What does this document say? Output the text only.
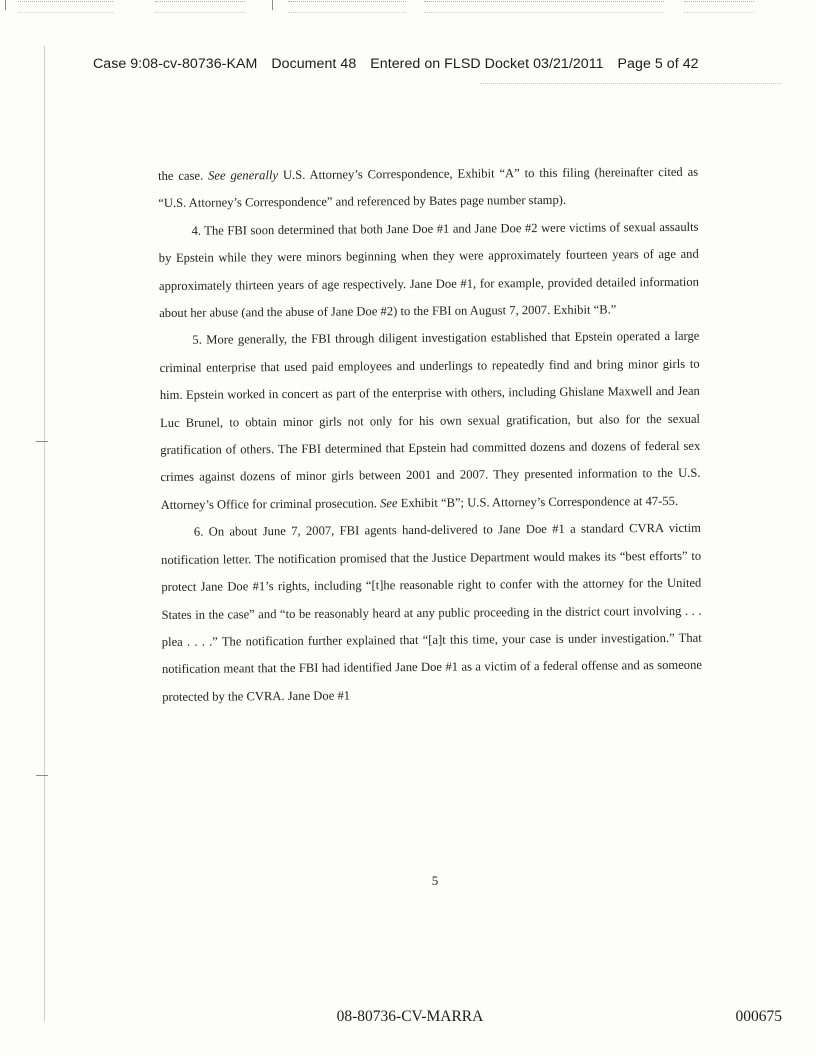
Case 9:08-cv-80736-KAM Document 48 Entered on FLSD Docket 03/21/2011 Page 5 of 42

the case. See generally U.S. Attorney’s Correspondence, Exhibit “A” to this filing (hereinafter cited as “U.S. Attorney’s Correspondence” and referenced by Bates page number stamp).

4. The FBI soon determined that both Jane Doe #1 and Jane Doe #2 were victims of sexual assaults by Epstein while they were minors beginning when they were approximately fourteen years of age and approximately thirteen years of age respectively. Jane Doe #1, for example, provided detailed information about her abuse (and the abuse of Jane Doe #2) to the FBI on August 7, 2007. Exhibit “B.”

5. More generally, the FBI through diligent investigation established that Epstein operated a large criminal enterprise that used paid employees and underlings to repeatedly find and bring minor girls to him. Epstein worked in concert as part of the enterprise with others, including Ghislane Maxwell and Jean Luc Brunel, to obtain minor girls not only for his own sexual gratification, but also for the sexual gratification of others. The FBI determined that Epstein had committed dozens and dozens of federal sex crimes against dozens of minor girls between 2001 and 2007. They presented information to the U.S. Attorney’s Office for criminal prosecution. See Exhibit “B”; U.S. Attorney’s Correspondence at 47-55.

6. On about June 7, 2007, FBI agents hand-delivered to Jane Doe #1 a standard CVRA victim notification letter. The notification promised that the Justice Department would makes its “best efforts” to protect Jane Doe #1’s rights, including “[t]he reasonable right to confer with the attorney for the United States in the case” and “to be reasonably heard at any public proceeding in the district court involving . . . plea . . . .” The notification further explained that “[a]t this time, your case is under investigation.” That notification meant that the FBI had identified Jane Doe #1 as a victim of a federal offense and as someone protected by the CVRA. Jane Doe #1

5
08-80736-CV-MARRA	000675
